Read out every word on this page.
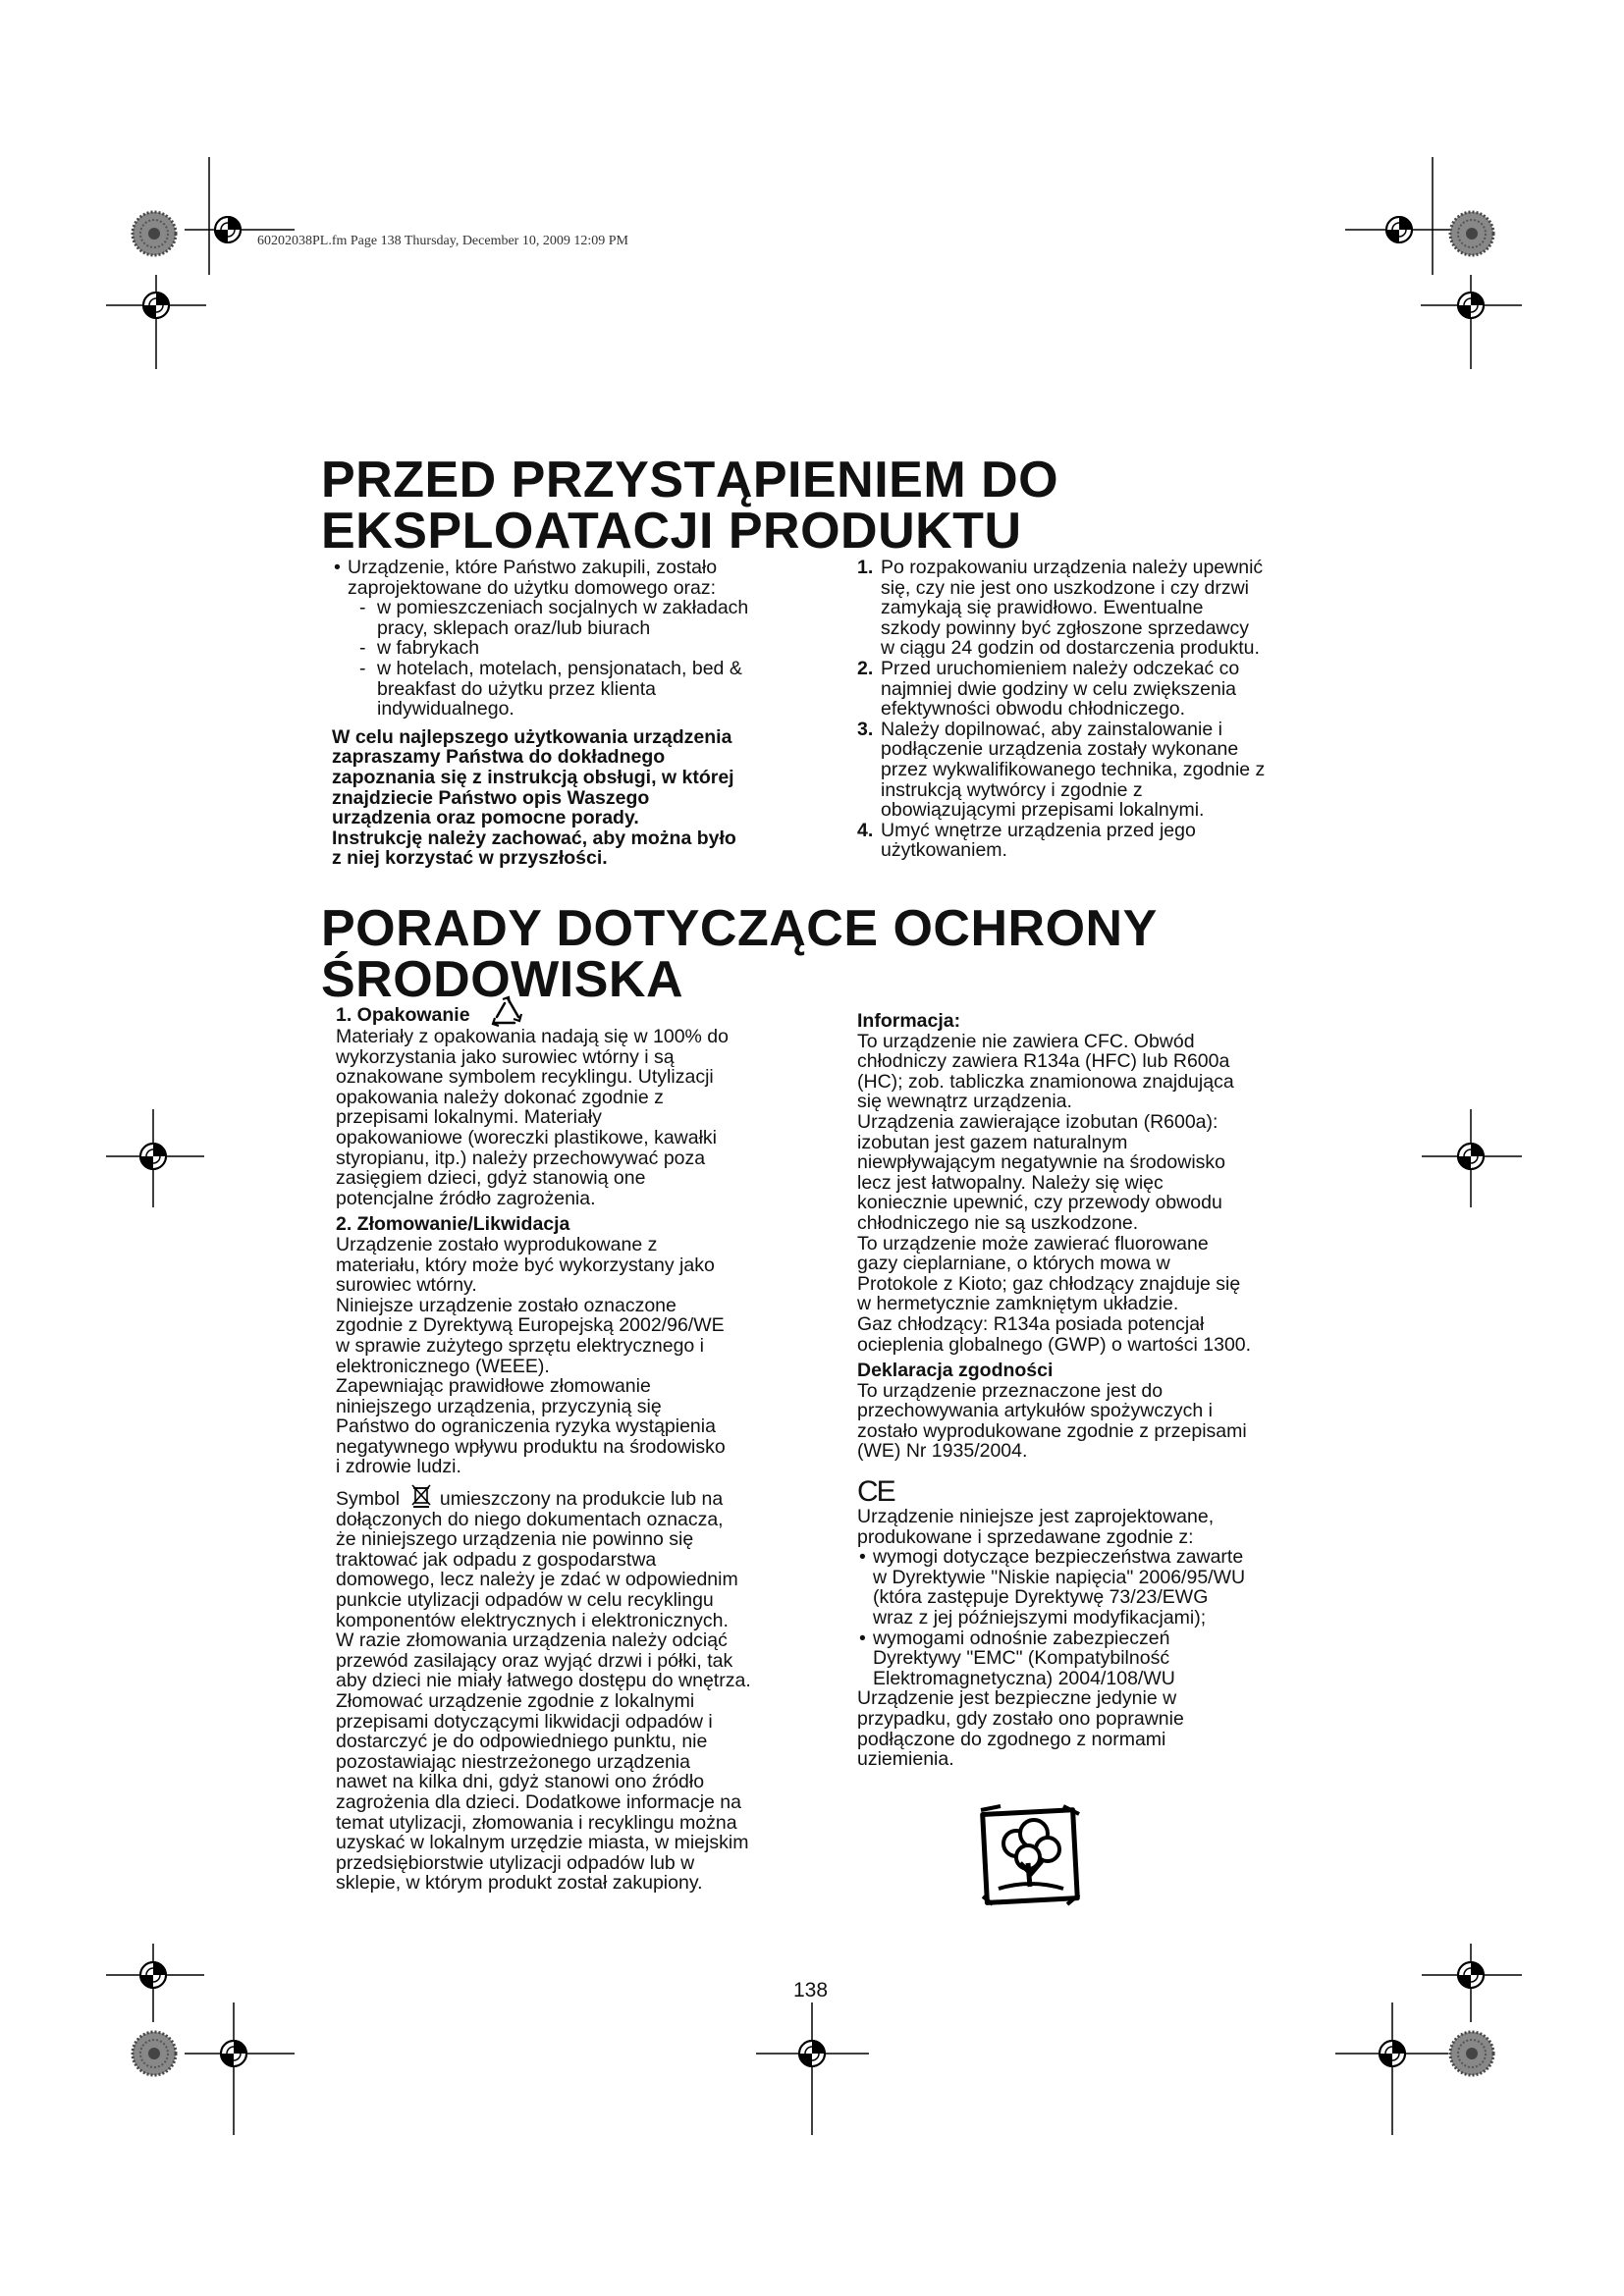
60202038PL.fm Page 138 Thursday, December 10, 2009 12:09 PM

PRZED PRZYSTĄPIENIEM DO

EKSPLOATACJI PRODUKTU

• Urządzenie, które Państwo zakupili, zostało

zaprojektowane do użytku domowego oraz:

- w pomieszczeniach socjalnych w zakładach

pracy, sklepach oraz/lub biurach

- w fabrykach

- w hotelach, motelach, pensjonatach, bed &

breakfast do użytku przez klienta

indywidualnego.

W celu najlepszego użytkowania urządzenia

zapraszamy Państwa do dokładnego

zapoznania się z instrukcją obsługi, w której

znajdziecie Państwo opis Waszego

urządzenia oraz pomocne porady.

Instrukcję należy zachować, aby można było

z niej korzystać w przyszłości.

1. Po rozpakowaniu urządzenia należy upewnić

się, czy nie jest ono uszkodzone i czy drzwi

zamykają się prawidłowo. Ewentualne

szkody powinny być zgłoszone sprzedawcy

w ciągu 24 godzin od dostarczenia produktu.

2. Przed uruchomieniem należy odczekać co

najmniej dwie godziny w celu zwiększenia

efektywności obwodu chłodniczego.

3. Należy dopilnować, aby zainstalowanie i

podłączenie urządzenia zostały wykonane

przez wykwalifikowanego technika, zgodnie z

instrukcją wytwórcy i zgodnie z

obowiązującymi przepisami lokalnymi.

4. Umyć wnętrze urządzenia przed jego

użytkowaniem.

PORADY DOTYCZĄCE OCHRONY

ŚRODOWISKA

1. Opakowanie

Materiały z opakowania nadają się w 100% do

wykorzystania jako surowiec wtórny i są

oznakowane symbolem recyklingu. Utylizacji

opakowania należy dokonać zgodnie z

przepisami lokalnymi. Materiały

opakowaniowe (woreczki plastikowe, kawałki

styropianu, itp.) należy przechowywać poza

zasięgiem dzieci, gdyż stanowią one

potencjalne źródło zagrożenia.

2. Złomowanie/Likwidacja

Urządzenie zostało wyprodukowane z

materiału, który może być wykorzystany jako

surowiec wtórny.

Niniejsze urządzenie zostało oznaczone

zgodnie z Dyrektywą Europejską 2002/96/WE

w sprawie zużytego sprzętu elektrycznego i

elektronicznego (WEEE).

Zapewniając prawidłowe złomowanie

niniejszego urządzenia, przyczynią się

Państwo do ograniczenia ryzyka wystąpienia

negatywnego wpływu produktu na środowisko

i zdrowie ludzi.

Symbol umieszczony na produkcie lub na

dołączonych do niego dokumentach oznacza,

że niniejszego urządzenia nie powinno się

traktować jak odpadu z gospodarstwa

domowego, lecz należy je zdać w odpowiednim

punkcie utylizacji odpadów w celu recyklingu

komponentów elektrycznych i elektronicznych.

W razie złomowania urządzenia należy odciąć

przewód zasilający oraz wyjąć drzwi i półki, tak

aby dzieci nie miały łatwego dostępu do wnętrza.

Złomować urządzenie zgodnie z lokalnymi

przepisami dotyczącymi likwidacji odpadów i

dostarczyć je do odpowiedniego punktu, nie

pozostawiając niestrzeżonego urządzenia

nawet na kilka dni, gdyż stanowi ono źródło

zagrożenia dla dzieci. Dodatkowe informacje na

temat utylizacji, złomowania i recyklingu można

uzyskać w lokalnym urzędzie miasta, w miejskim

przedsiębiorstwie utylizacji odpadów lub w

sklepie, w którym produkt został zakupiony.

Informacja:

To urządzenie nie zawiera CFC. Obwód

chłodniczy zawiera R134a (HFC) lub R600a

(HC); zob. tabliczka znamionowa znajdująca

się wewnątrz urządzenia.

Urządzenia zawierające izobutan (R600a):

izobutan jest gazem naturalnym

niewpływającym negatywnie na środowisko

lecz jest łatwopalny. Należy się więc

koniecznie upewnić, czy przewody obwodu

chłodniczego nie są uszkodzone.

To urządzenie może zawierać fluorowane

gazy cieplarniane, o których mowa w

Protokole z Kioto; gaz chłodzący znajduje się

w hermetycznie zamkniętym układzie.

Gaz chłodzący: R134a posiada potencjał

ocieplenia globalnego (GWP) o wartości 1300.

Deklaracja zgodności

To urządzenie przeznaczone jest do

przechowywania artykułów spożywczych i

zostało wyprodukowane zgodnie z przepisami

(WE) Nr 1935/2004.

CE

Urządzenie niniejsze jest zaprojektowane,

produkowane i sprzedawane zgodnie z:

• wymogi dotyczące bezpieczeństwa zawarte

w Dyrektywie "Niskie napięcia" 2006/95/WU

(która zastępuje Dyrektywę 73/23/EWG

wraz z jej późniejszymi modyfikacjami);

• wymogami odnośnie zabezpieczeń

Dyrektywy "EMC" (Kompatybilność

Elektromagnetyczna) 2004/108/WU

Urządzenie jest bezpieczne jedynie w

przypadku, gdy zostało ono poprawnie

podłączone do zgodnego z normami

uziemienia.

138
